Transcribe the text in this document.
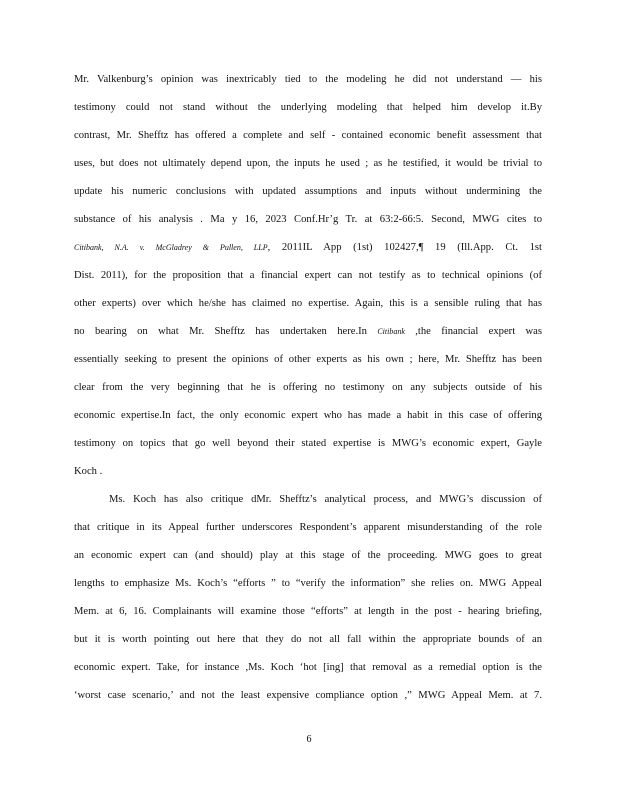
Mr. Valkenburg’s opinion was inextricably tied to the modeling he did not understand — his
testimony could not stand without the underlying modeling that helped him develop it.By
contrast, Mr. Shefftz has offered a complete and self - contained economic benefit assessment that
uses, but does not ultimately depend upon, the inputs he used ; as he testified, it would be trivial to
update his numeric conclusions with updated assumptions and inputs without undermining the
substance of his analysis . Ma y 16, 2023 Conf.Hr’g Tr. at 63:2-66:5. Second, MWG cites to
Citibank, N.A. v. McGladrey & Pullen, LLP, 2011IL App (1st) 102427,¶ 19 (Ill.App. Ct. 1st
Dist. 2011), for the proposition that a financial expert can not testify as to technical opinions (of
other experts) over which he/she has claimed no expertise. Again, this is a sensible ruling that has
no bearing on what Mr. Shefftz has undertaken here.In Citibank ,the financial expert was
essentially seeking to present the opinions of other experts as his own ; here, Mr. Shefftz has been
clear from the very beginning that he is offering no testimony on any subjects outside of his
economic expertise.In fact, the only economic expert who has made a habit in this case of offering
testimony on topics that go well beyond their stated expertise is MWG’s economic expert, Gayle
Koch .
Ms. Koch has also critique dMr. Shefftz’s analytical process, and MWG’s discussion of
that critique in its Appeal further underscores Respondent’s apparent misunderstanding of the role
an economic expert can (and should) play at this stage of the proceeding. MWG goes to great
lengths to emphasize Ms. Koch’s “efforts ” to “verify the information” she relies on. MWG Appeal
Mem. at 6, 16. Complainants will examine those “efforts” at length in the post - hearing briefing,
but it is worth pointing out here that they do not all fall within the appropriate bounds of an
economic expert. Take, for instance ,Ms. Koch ‘hot [ing] that removal as a remedial option is the
‘worst case scenario,’ and not the least expensive compliance option ,” MWG Appeal Mem. at 7.
6
